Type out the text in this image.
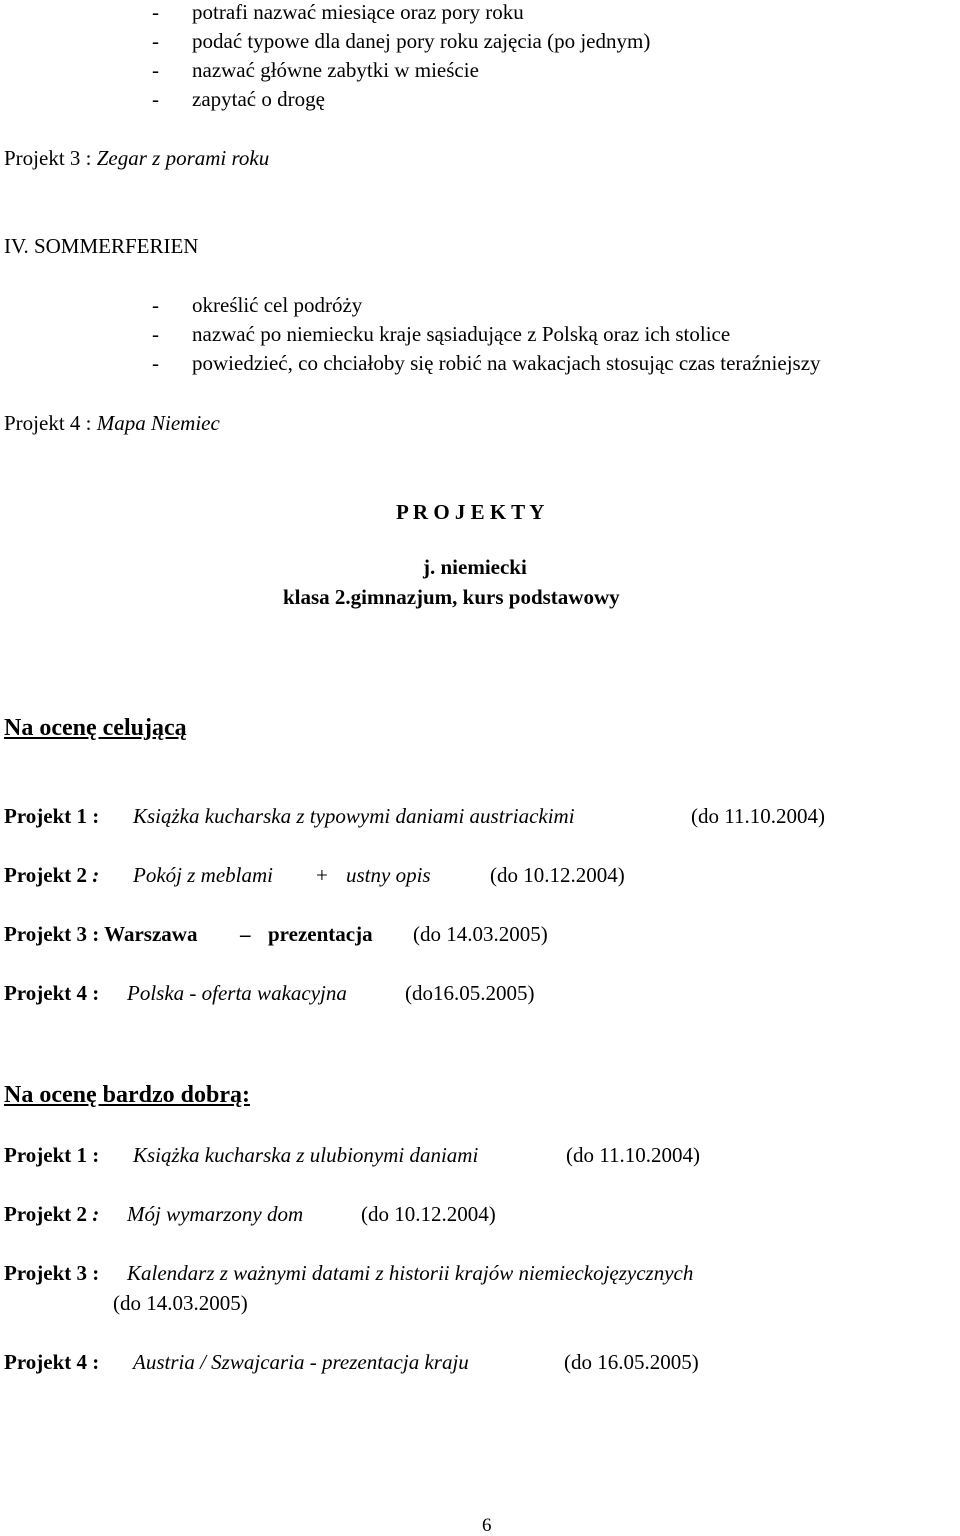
- potrafi nazwać miesiące oraz pory roku
- podać typowe dla danej pory roku zajęcia (po jednym)
- nazwać główne zabytki w mieście
- zapytać o drogę
Projekt 3 : Zegar z porami roku
IV. SOMMERFERIEN
- określić cel podróży
- nazwać po niemiecku kraje sąsiadujące z Polską oraz ich stolice
- powiedzieć, co chciałoby się robić na wakacjach stosując czas teraźniejszy
Projekt 4 : Mapa Niemiec
P R O J E K T Y
j. niemiecki
klasa 2.gimnazjum, kurs podstawowy
Na ocenę celującą
Projekt 1 : Książka kucharska z typowymi daniami austriackimi	(do 11.10.2004)
Projekt 2 : Pokój z meblami + ustny opis	(do 10.12.2004)
Projekt 3 : Warszawa – prezentacja (do 14.03.2005)
Projekt 4 : Polska - oferta wakacyjna	(do16.05.2005)
Na ocenę bardzo dobrą:
Projekt 1 : Książka kucharska z ulubionymi daniami	(do 11.10.2004)
Projekt 2 : Mój wymarzony dom	(do 10.12.2004)
Projekt 3 : Kalendarz z ważnymi datami z historii krajów niemieckojęzycznych
(do 14.03.2005)
Projekt 4 : Austria / Szwajcaria - prezentacja kraju	(do 16.05.2005)
6
